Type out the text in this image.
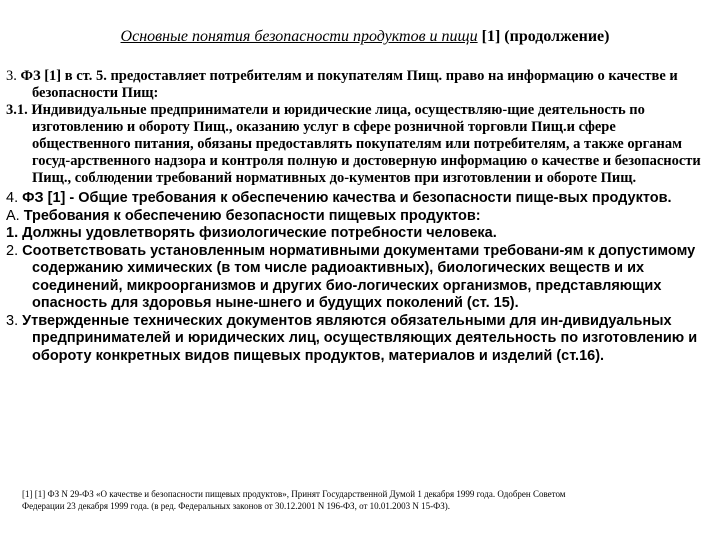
Основные понятия безопасности продуктов и пищи [1] (продолжение)

3. ФЗ [1] в ст. 5. предоставляет потребителям и покупателям Пищ. право на информацию о качестве и безопасности Пищ:

3.1. Индивидуальные предприниматели и юридические лица, осуществляю-щие деятельность по изготовлению и обороту Пищ., оказанию услуг в сфере розничной торговли Пищ.и сфере общественного питания, обязаны предоставлять покупателям или потребителям, а также органам госуд-арственного надзора и контроля полную и достоверную информацию о качестве и безопасности Пищ., соблюдении требований нормативных до-кументов при изготовлении и обороте Пищ.

4. ФЗ [1] - Общие требования к обеспечению качества и безопасности пище-вых продуктов.

А. Требования к обеспечению безопасности пищевых продуктов:

1. Должны удовлетворять физиологические потребности человека.

2. Соответствовать установленным нормативными документами требовани-ям к допустимому содержанию химических (в том числе радиоактивных), биологических веществ и их соединений, микроорганизмов и других био-логических организмов, представляющих опасность для здоровья ныне-шнего и будущих поколений (ст. 15).

3. Утвержденные технических документов являются обязательными для ин-дивидуальных предпринимателей и юридических лиц, осуществляющих деятельность по изготовлению и обороту конкретных видов пищевых продуктов, материалов и изделий (ст.16).

[1] [1] ФЗ N 29-ФЗ «О качестве и безопасности пищевых продуктов», Принят Государственной Думой 1 декабря 1999 года. Одобрен Советом

Федерации 23 декабря 1999 года. (в ред. Федеральных законов от 30.12.2001 N 196-ФЗ, от 10.01.2003 N 15-ФЗ).
